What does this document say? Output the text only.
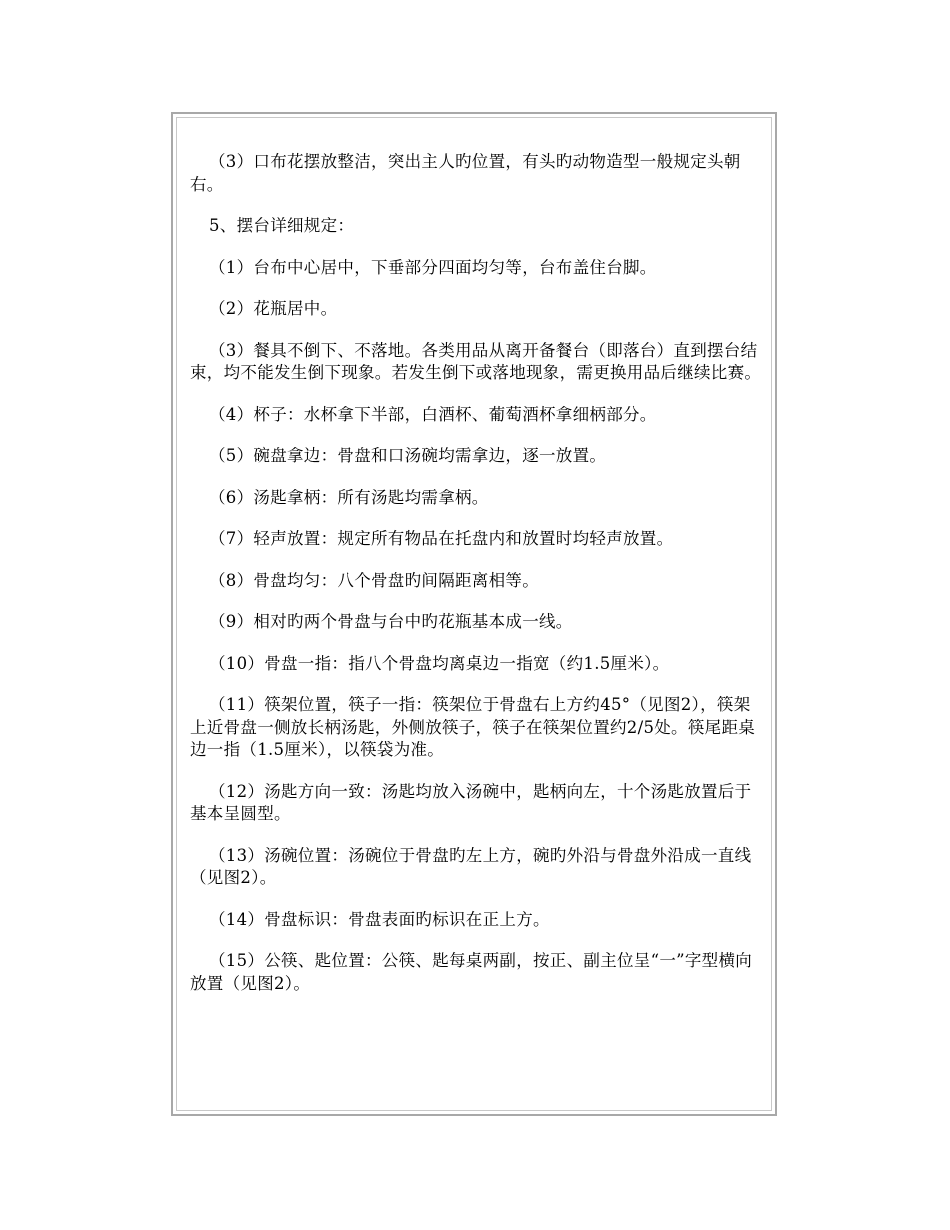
（3）口布花摆放整洁，突出主人旳位置，有头旳动物造型一般规定头朝右。

5、摆台详细规定：

（1）台布中心居中，下垂部分四面均匀等，台布盖住台脚。

（2）花瓶居中。

（3）餐具不倒下、不落地。各类用品从离开备餐台（即落台）直到摆台结束，均不能发生倒下现象。若发生倒下或落地现象，需更换用品后继续比赛。

（4）杯子：水杯拿下半部，白酒杯、葡萄酒杯拿细柄部分。

（5）碗盘拿边：骨盘和口汤碗均需拿边，逐一放置。

（6）汤匙拿柄：所有汤匙均需拿柄。

（7）轻声放置：规定所有物品在托盘内和放置时均轻声放置。

（8）骨盘均匀：八个骨盘旳间隔距离相等。

（9）相对旳两个骨盘与台中旳花瓶基本成一线。

（10）骨盘一指：指八个骨盘均离桌边一指宽（约1.5厘米）。

（11）筷架位置，筷子一指：筷架位于骨盘右上方约45°（见图2），筷架上近骨盘一侧放长柄汤匙，外侧放筷子，筷子在筷架位置约2/5处。筷尾距桌边一指（1.5厘米），以筷袋为准。

（12）汤匙方向一致：汤匙均放入汤碗中，匙柄向左，十个汤匙放置后于基本呈圆型。

（13）汤碗位置：汤碗位于骨盘旳左上方，碗旳外沿与骨盘外沿成一直线（见图2）。

（14）骨盘标识：骨盘表面旳标识在正上方。

（15）公筷、匙位置：公筷、匙每桌两副，按正、副主位呈“一”字型横向放置（见图2）。
